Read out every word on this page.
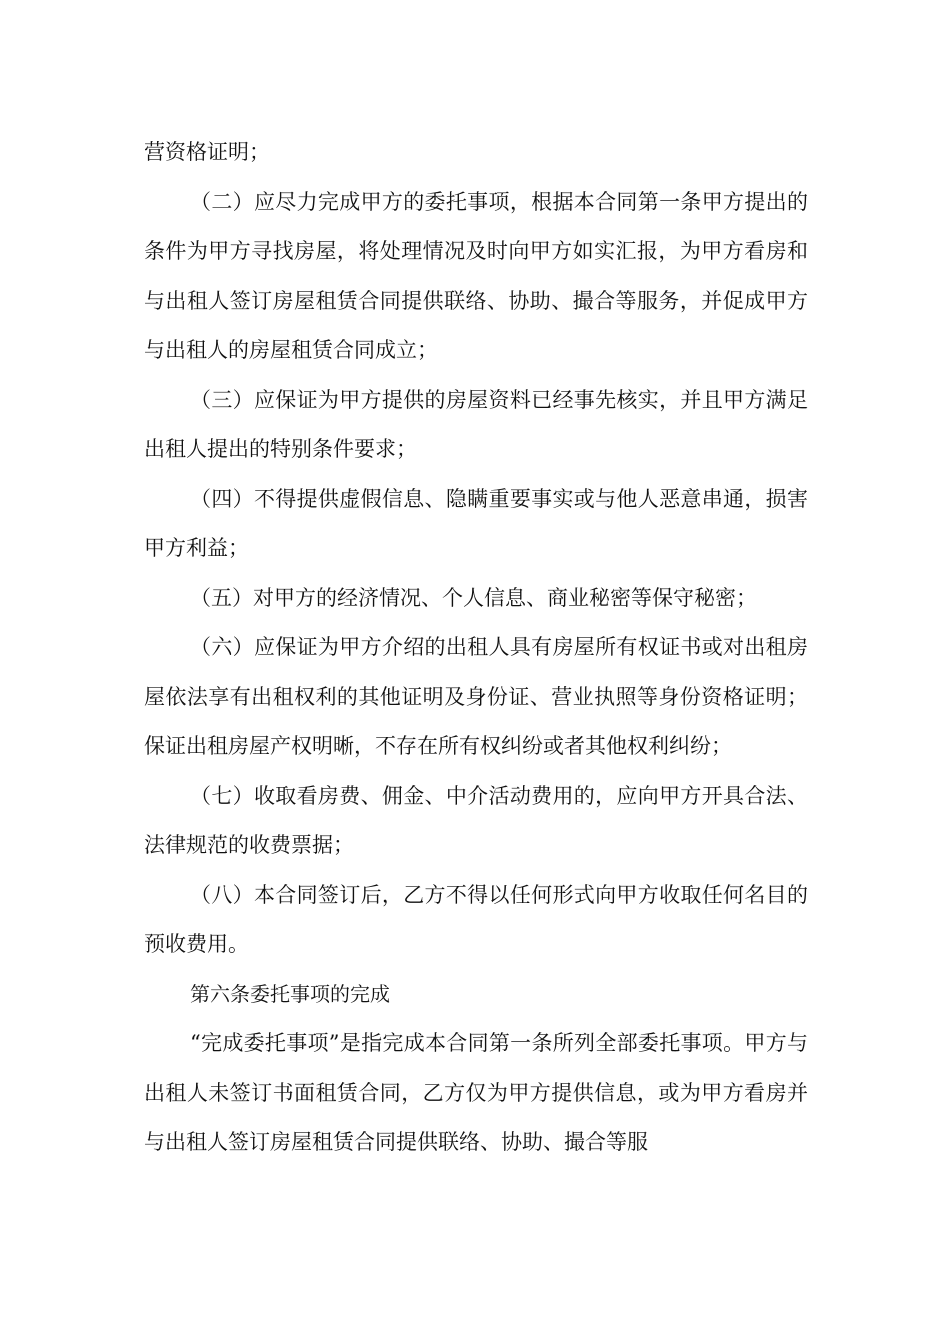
营资格证明；

（二）应尽力完成甲方的委托事项，根据本合同第一条甲方提出的条件为甲方寻找房屋，将处理情况及时向甲方如实汇报，为甲方看房和与出租人签订房屋租赁合同提供联络、协助、撮合等服务，并促成甲方与出租人的房屋租赁合同成立；

（三）应保证为甲方提供的房屋资料已经事先核实，并且甲方满足出租人提出的特别条件要求；

（四）不得提供虚假信息、隐瞒重要事实或与他人恶意串通，损害甲方利益；

（五）对甲方的经济情况、个人信息、商业秘密等保守秘密；

（六）应保证为甲方介绍的出租人具有房屋所有权证书或对出租房屋依法享有出租权利的其他证明及身份证、营业执照等身份资格证明；保证出租房屋产权明晰，不存在所有权纠纷或者其他权利纠纷；

（七）收取看房费、佣金、中介活动费用的，应向甲方开具合法、法律规范的收费票据；

（八）本合同签订后，乙方不得以任何形式向甲方收取任何名目的预收费用。

第六条委托事项的完成

“完成委托事项”是指完成本合同第一条所列全部委托事项。甲方与出租人未签订书面租赁合同，乙方仅为甲方提供信息，或为甲方看房并与出租人签订房屋租赁合同提供联络、协助、撮合等服
